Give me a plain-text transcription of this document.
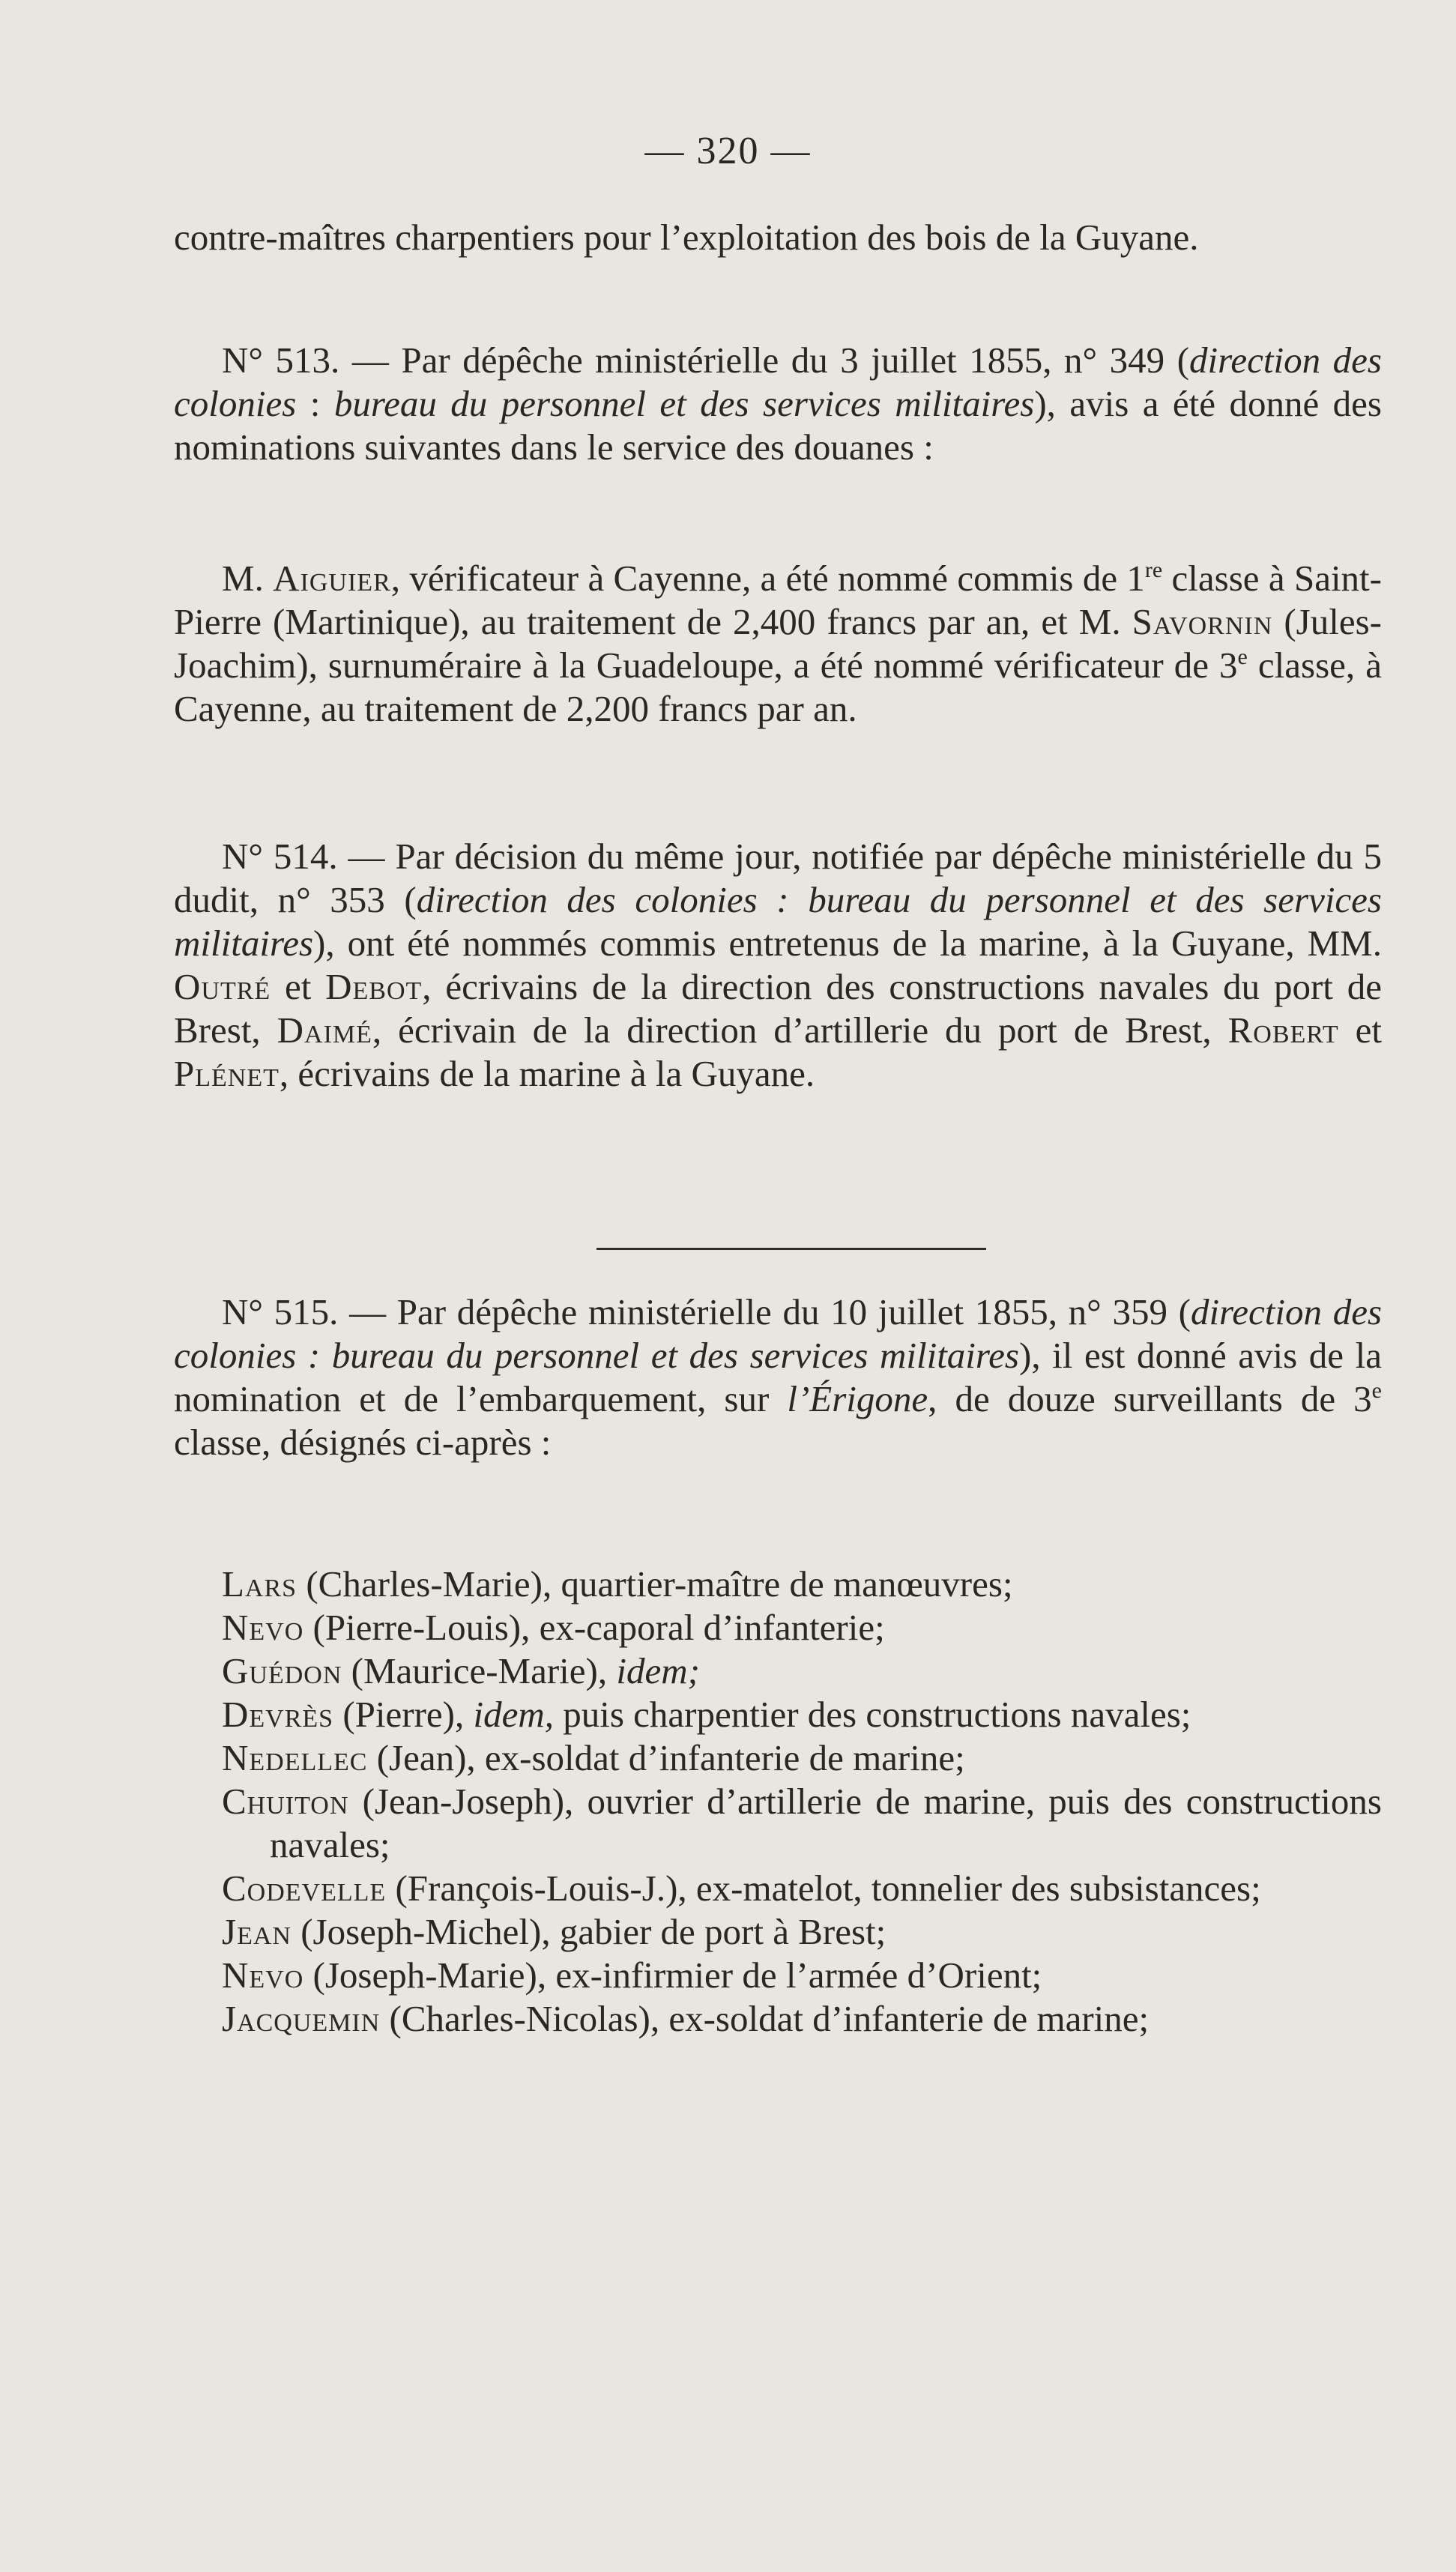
— 320 —

contre-maîtres charpentiers pour l’exploitation des bois de la Guyane.

N° 513. — Par dépêche ministérielle du 3 juillet 1855, n° 349 (direction des colonies : bureau du personnel et des services militaires), avis a été donné des nominations suivantes dans le service des douanes :

M. Aiguier, vérificateur à Cayenne, a été nommé commis de 1re classe à Saint-Pierre (Martinique), au traitement de 2,400 francs par an, et M. Savornin (Jules-Joachim), surnuméraire à la Guadeloupe, a été nommé vérificateur de 3e classe, à Cayenne, au traitement de 2,200 francs par an.

N° 514. — Par décision du même jour, notifiée par dépêche ministérielle du 5 dudit, n° 353 (direction des colonies : bureau du personnel et des services militaires), ont été nommés commis entretenus de la marine, à la Guyane, MM. Outré et Debot, écrivains de la direction des constructions navales du port de Brest, Daimé, écrivain de la direction d’artillerie du port de Brest, Robert et Plénet, écrivains de la marine à la Guyane.

N° 515. — Par dépêche ministérielle du 10 juillet 1855, n° 359 (direction des colonies : bureau du personnel et des services militaires), il est donné avis de la nomination et de l’embarquement, sur l’Érigone, de douze surveillants de 3e classe, désignés ci-après :

Lars (Charles-Marie), quartier-maître de manœuvres;

Nevo (Pierre-Louis), ex-caporal d’infanterie;

Guédon (Maurice-Marie), idem;

Devrès (Pierre), idem, puis charpentier des constructions navales;

Nedellec (Jean), ex-soldat d’infanterie de marine;

Chuiton (Jean-Joseph), ouvrier d’artillerie de marine, puis des constructions navales;

Codevelle (François-Louis-J.), ex-matelot, tonnelier des subsistances;

Jean (Joseph-Michel), gabier de port à Brest;

Nevo (Joseph-Marie), ex-infirmier de l’armée d’Orient;

Jacquemin (Charles-Nicolas), ex-soldat d’infanterie de marine;
